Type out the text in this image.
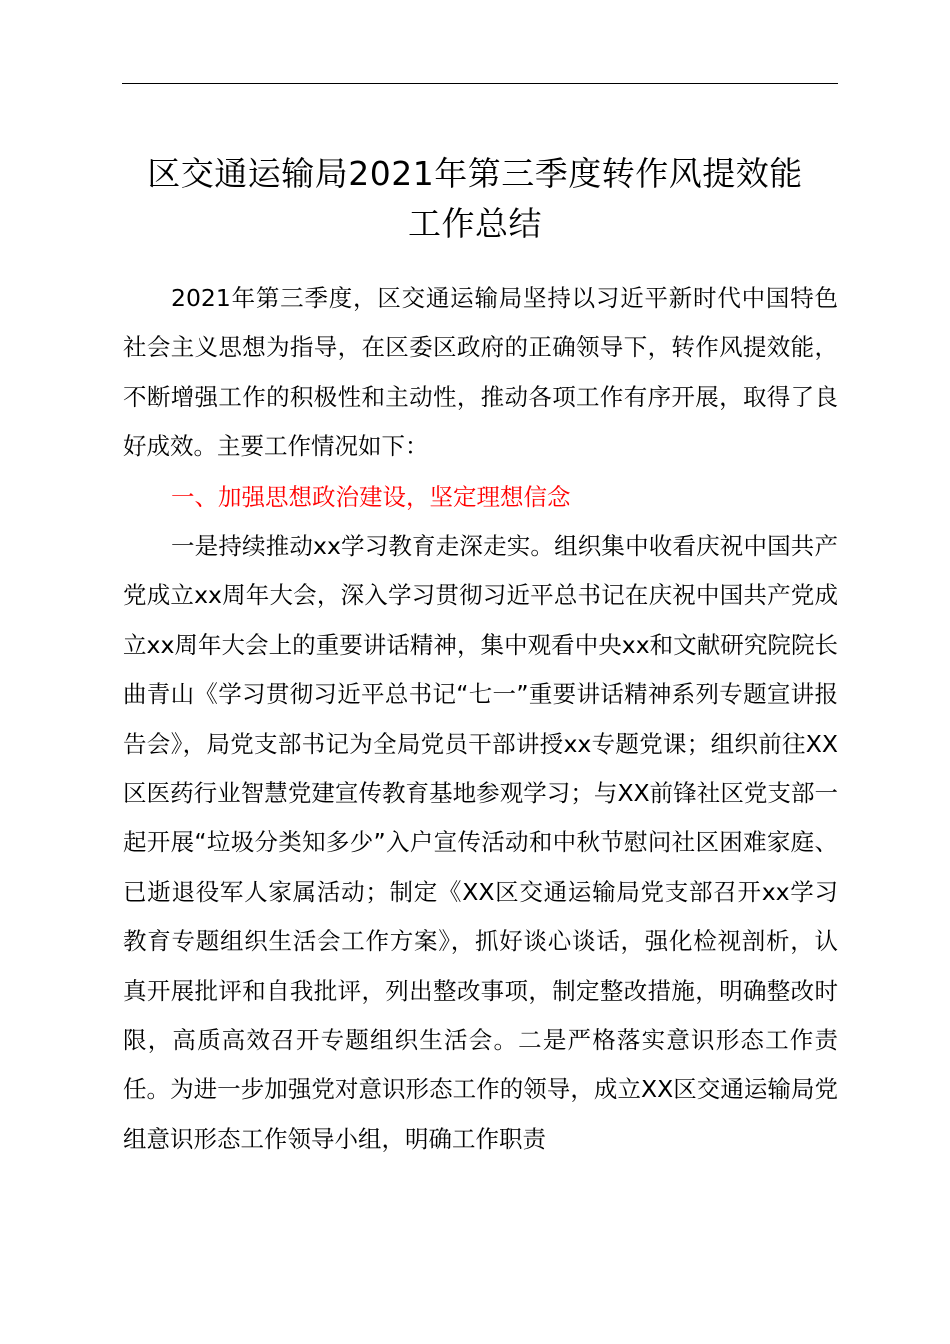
区交通运输局2021年第三季度转作风提效能
工作总结

2021年第三季度，区交通运输局坚持以习近平新时代中国特色社会主义思想为指导，在区委区政府的正确领导下，转作风提效能，不断增强工作的积极性和主动性，推动各项工作有序开展，取得了良好成效。主要工作情况如下：

一、加强思想政治建设，坚定理想信念

一是持续推动xx学习教育走深走实。组织集中收看庆祝中国共产党成立xx周年大会，深入学习贯彻习近平总书记在庆祝中国共产党成立xx周年大会上的重要讲话精神，集中观看中央xx和文献研究院院长曲青山《学习贯彻习近平总书记“七一”重要讲话精神系列专题宣讲报告会》，局党支部书记为全局党员干部讲授xx专题党课；组织前往XX区医药行业智慧党建宣传教育基地参观学习；与XX前锋社区党支部一起开展“垃圾分类知多少”入户宣传活动和中秋节慰问社区困难家庭、已逝退役军人家属活动；制定《XX区交通运输局党支部召开xx学习教育专题组织生活会工作方案》，抓好谈心谈话，强化检视剖析，认真开展批评和自我批评，列出整改事项，制定整改措施，明确整改时限，高质高效召开专题组织生活会。二是严格落实意识形态工作责任。为进一步加强党对意识形态工作的领导，成立XX区交通运输局党组意识形态工作领导小组，明确工作职责
